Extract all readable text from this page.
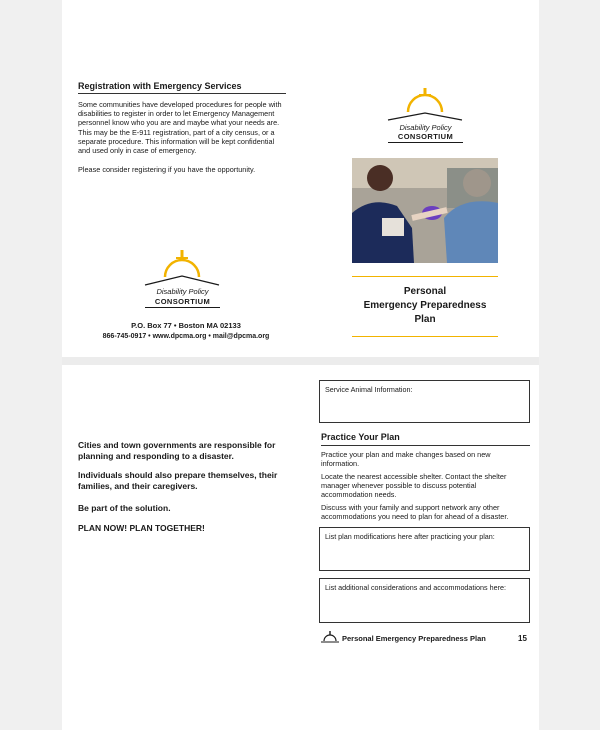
Registration with Emergency Services
Some communities have developed procedures for people with disabilities to register in order to let Emergency Management personnel know who you are and maybe what your needs are. This may be the E-911 registration, part of a city census, or a separate procedure. This information will be kept confidential and used only in case of emergency.
Please consider registering if you have the opportunity.
Disability Policy
CONSORTIUM
Personal
Emergency Preparedness
Plan
Disability Policy
CONSORTIUM
P.O. Box 77 • Boston MA 02133
866-745-0917 • www.dpcma.org • mail@dpcma.org
Cities and town governments are responsible for planning and responding to a disaster.
Individuals should also prepare themselves, their families, and their caregivers.
Be part of the solution.
PLAN NOW! PLAN TOGETHER!
Service Animal Information:
Practice Your Plan
Practice your plan and make changes based on new information.
Locate the nearest accessible shelter. Contact the shelter manager whenever possible to discuss potential accommodation needs.
Discuss with your family and support network any other accommodations you need to plan for ahead of a disaster.
List plan modifications here after practicing your plan:
List additional considerations and accommodations here:
Personal Emergency Preparedness Plan	15
